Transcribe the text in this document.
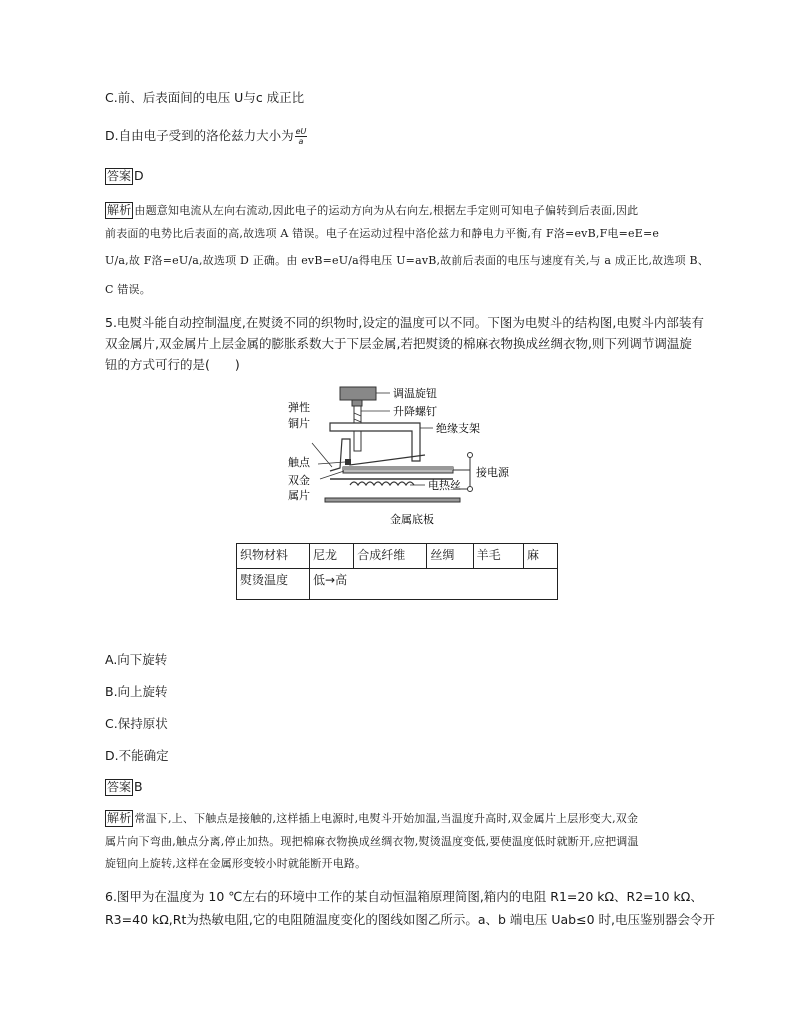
C.前、后表面间的电压 U与c 成正比
D.自由电子受到的洛伦兹力大小为 $\frac{eU}{a}$
答案 D
解析 由题意知电流从左向右流动,因此电子的运动方向为从右向左,根据左手定则可知电子偏转到后表面,因此
前表面的电势比后表面的高,故选项 A 错误。电子在运动过程中洛伦兹力和静电力平衡,有 F洛=evB,F电=eE=e
U/a,故 F洛=eU/a,故选项 D 正确。由 evB=eU/a得电压 U=avB,故前后表面的电压与速度有关,与 a 成正比,故选项 B、
C 错误。
5.电熨斗能自动控制温度,在熨烫不同的织物时,设定的温度可以不同。下图为电熨斗的结构图,电熨斗内部装有
双金属片,双金属片上层金属的膨胀系数大于下层金属,若把熨烫的棉麻衣物换成丝绸衣物,则下列调节调温旋
钮的方式可行的是(　　)
调温旋钮
升降螺钉
绝缘支架
弹性
铜片
触点
双金
属片
接电源
电热丝
金属底板
织物材料	尼龙	合成纤维	丝绸	羊毛	麻
熨烫温度	低→高				
A.向下旋转
B.向上旋转
C.保持原状
D.不能确定
答案 B
解析 常温下,上、下触点是接触的,这样插上电源时,电熨斗开始加温,当温度升高时,双金属片上层形变大,双金
属片向下弯曲,触点分离,停止加热。现把棉麻衣物换成丝绸衣物,熨烫温度变低,要使温度低时就断开,应把调温
旋钮向上旋转,这样在金属形变较小时就能断开电路。
6.图甲为在温度为 10 ℃左右的环境中工作的某自动恒温箱原理简图,箱内的电阻 R1=20 kΩ、R2=10 kΩ、
R3=40 kΩ,Rt为热敏电阻,它的电阻随温度变化的图线如图乙所示。a、b 端电压 Uab≤0 时,电压鉴别器会令开
